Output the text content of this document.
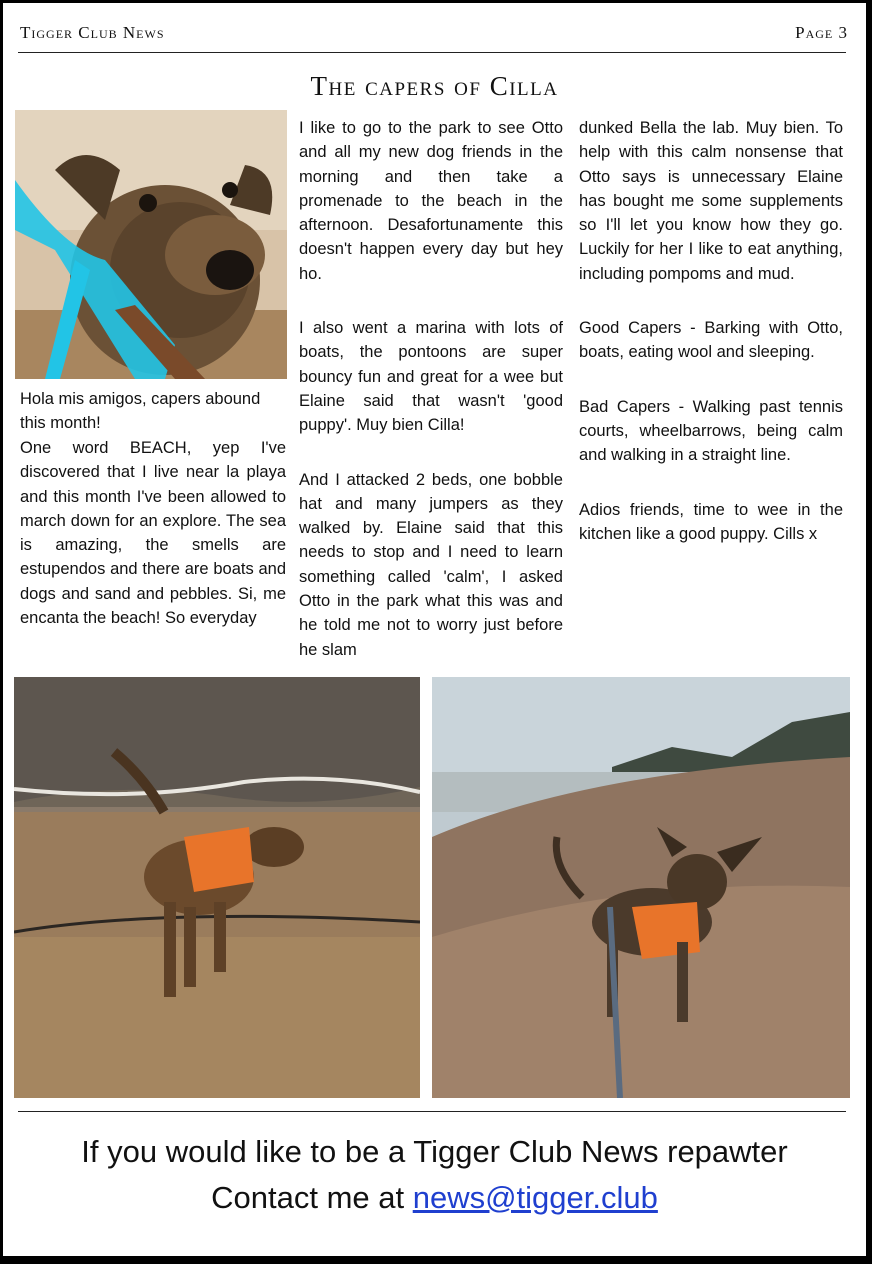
Tigger Club News	Page 3
The capers of Cilla

Hola mis amigos, capers abound this month!

One word BEACH, yep I've discovered that I live near la playa and this month I've been allowed to march down for an explore. The sea is amazing, the smells are estupendos and there are boats and dogs and sand and pebbles. Si, me encanta the beach! So everyday

I like to go to the park to see Otto and all my new dog friends in the morning and then take a promenade to the beach in the afternoon. Desafortunamente this doesn't happen every day but hey ho.

I also went a marina with lots of boats, the pontoons are super bouncy fun and great for a wee but Elaine said that wasn't 'good puppy'. Muy bien Cilla!

And I attacked 2 beds, one bobble hat and many jumpers as they walked by. Elaine said that this needs to stop and I need to learn something called 'calm', I asked Otto in the park what this was and he told me not to worry just before he slam

dunked Bella the lab. Muy bien. To help with this calm nonsense that Otto says is unnecessary Elaine has bought me some supplements so I'll let you know how they go. Luckily for her I like to eat anything, including pompoms and mud.

Good Capers - Barking with Otto, boats, eating wool and sleeping.

Bad Capers - Walking past tennis courts, wheelbarrows, being calm and walking in a straight line.

Adios friends, time to wee in the kitchen like a good puppy. Cills x

If you would like to be a Tigger Club News repawter
Contact me at news@tigger.club
